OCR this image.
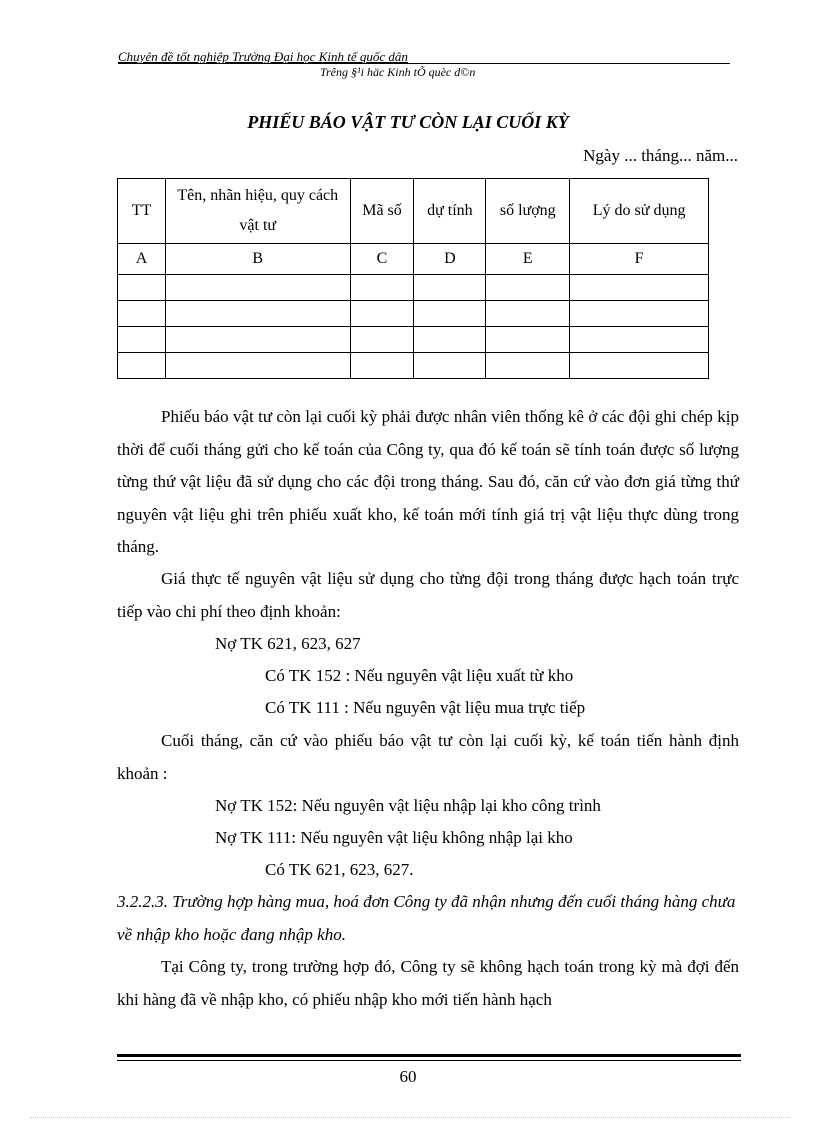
Chuyên đề tốt nghiệp Trường Đại học Kinh tế quốc dân
Trêng §¹i häc Kinh tÕ quèc d©n
PHIẾU BÁO VẬT TƯ CÒN LẠI CUỐI KỲ
Ngày ... tháng... năm...
TT	Tên, nhãn hiệu, quy cách vật tư	Mã số	dự tính	số lượng	Lý do sử dụng
A	B	C	D	E	F

Phiếu báo vật tư còn lại cuối kỳ phải được nhân viên thống kê ở các đội ghi chép kịp thời để cuối tháng gửi cho kế toán của Công ty, qua đó kế toán sẽ tính toán được số lượng từng thứ vật liệu đã sử dụng cho các đội trong tháng. Sau đó, căn cứ vào đơn giá từng thứ nguyên vật liệu ghi trên phiếu xuất kho, kế toán mới tính giá trị vật liệu thực dùng trong tháng.
Giá thực tế nguyên vật liệu sử dụng cho từng đội trong tháng được hạch toán trực tiếp vào chi phí theo định khoản:
Nợ TK 621, 623, 627
Có TK 152 : Nếu nguyên vật liệu xuất từ kho
Có TK 111 : Nếu nguyên vật liệu mua trực tiếp
Cuối tháng, căn cứ vào phiếu báo vật tư còn lại cuối kỳ, kế toán tiến hành định khoản :
Nợ TK 152: Nếu nguyên vật liệu nhập lại kho công trình
Nợ TK 111: Nếu nguyên vật liệu không nhập lại kho
Có TK 621, 623, 627.
3.2.2.3. Trường hợp hàng mua, hoá đơn Công ty đã nhận nhưng đến cuối tháng hàng chưa về nhập kho hoặc đang nhập kho.
Tại Công ty, trong trường hợp đó, Công ty sẽ không hạch toán trong kỳ mà đợi đến khi hàng đã về nhập kho, có phiếu nhập kho mới tiến hành hạch
60
